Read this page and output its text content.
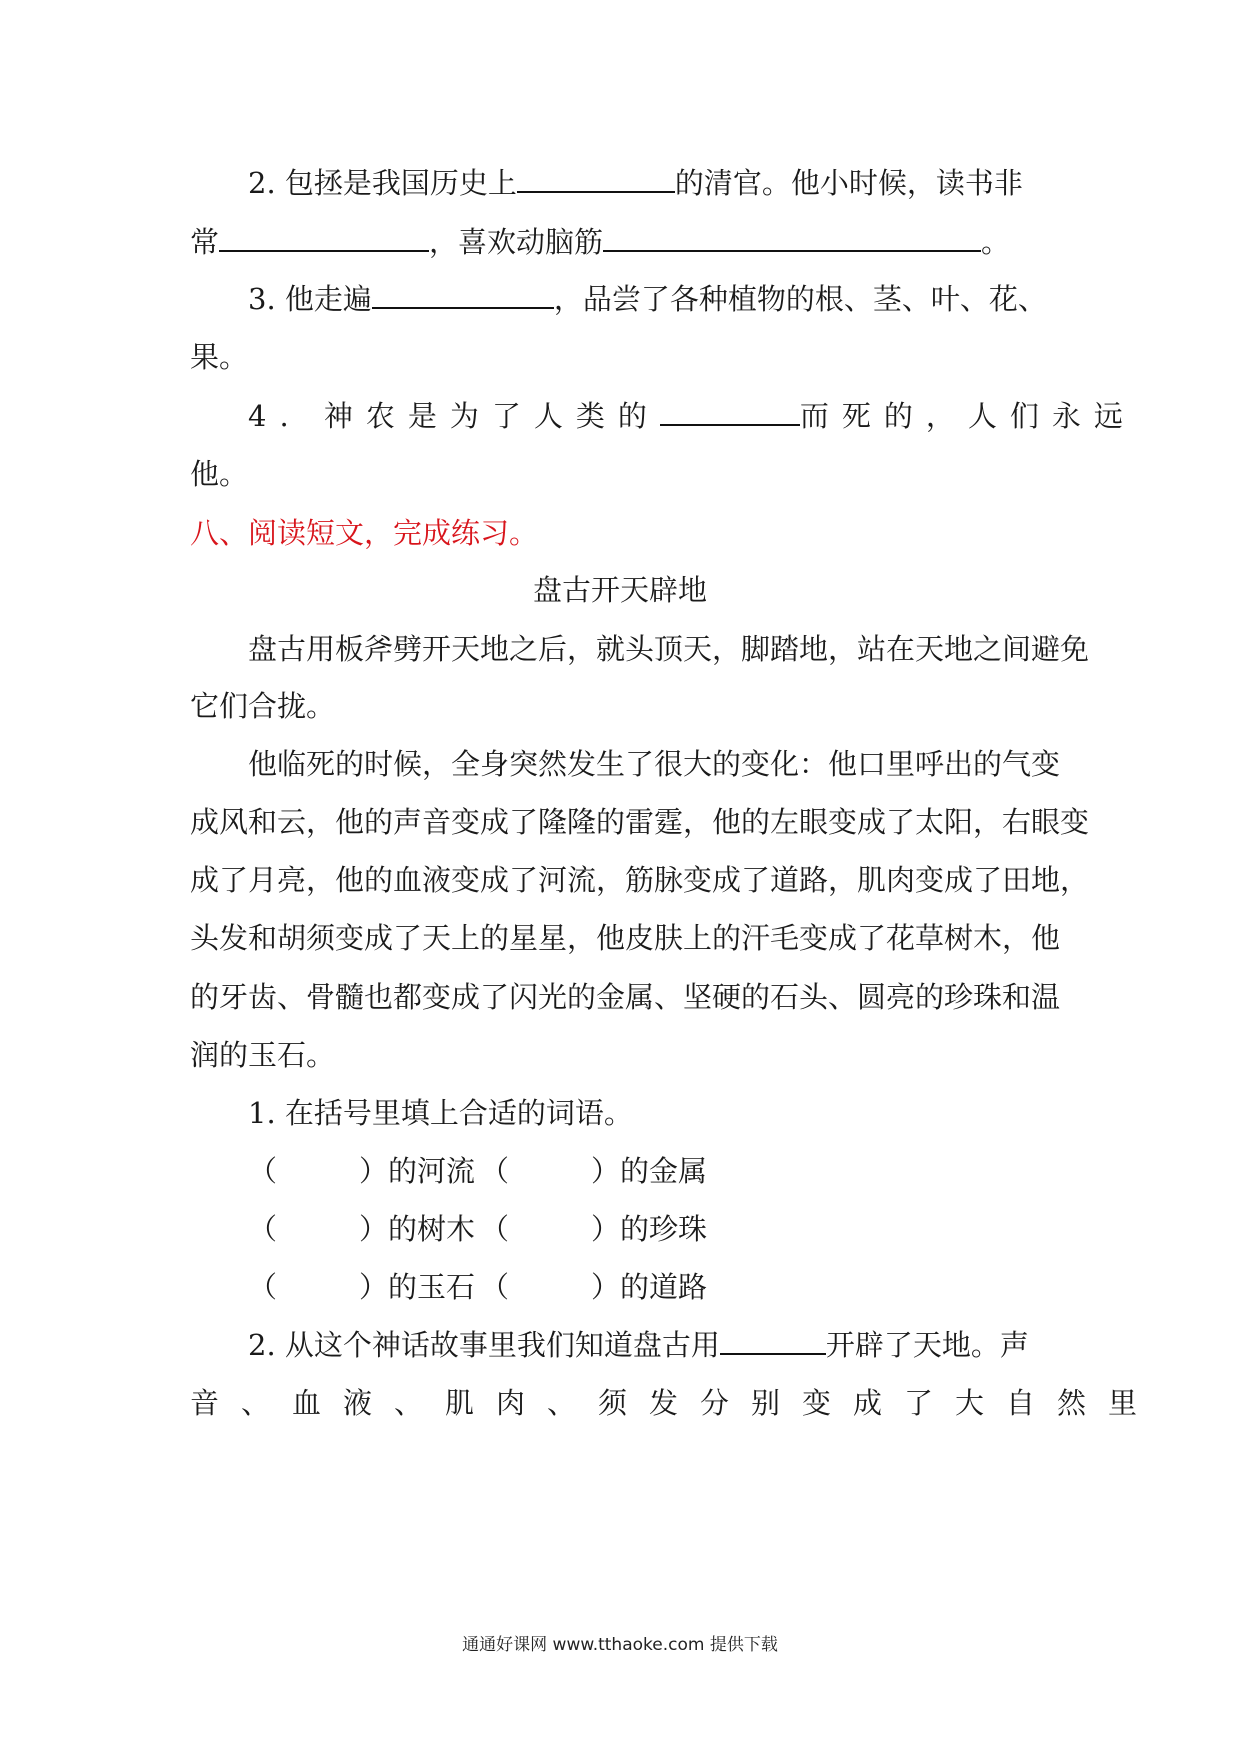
2. 包拯是我国历史上	的清官。他小时候，读书非
常	，喜欢动脑筋	。
3. 他走遍	，品尝了各种植物的根、茎、叶、花、
果。
4. 神农是为了人类的	而死的，人们永远
他。
八、阅读短文，完成练习。
盘古开天辟地
盘古用板斧劈开天地之后，就头顶天，脚踏地，站在天地之间避免
它们合拢。
他临死的时候，全身突然发生了很大的变化：他口里呼出的气变
成风和云，他的声音变成了隆隆的雷霆，他的左眼变成了太阳，右眼变
成了月亮，他的血液变成了河流，筋脉变成了道路，肌肉变成了田地，
头发和胡须变成了天上的星星，他皮肤上的汗毛变成了花草树木，他
的牙齿、骨髓也都变成了闪光的金属、坚硬的石头、圆亮的珍珠和温
润的玉石。
1. 在括号里填上合适的词语。
（	）的河流 （	）的金属
（	）的树木 （	）的珍珠
（	）的玉石 （	）的道路
2. 从这个神话故事里我们知道盘古用	开辟了天地。声
音、血液、肌肉、须发分别变成了大自然里
通通好课网 www.tthaoke.com 提供下载
